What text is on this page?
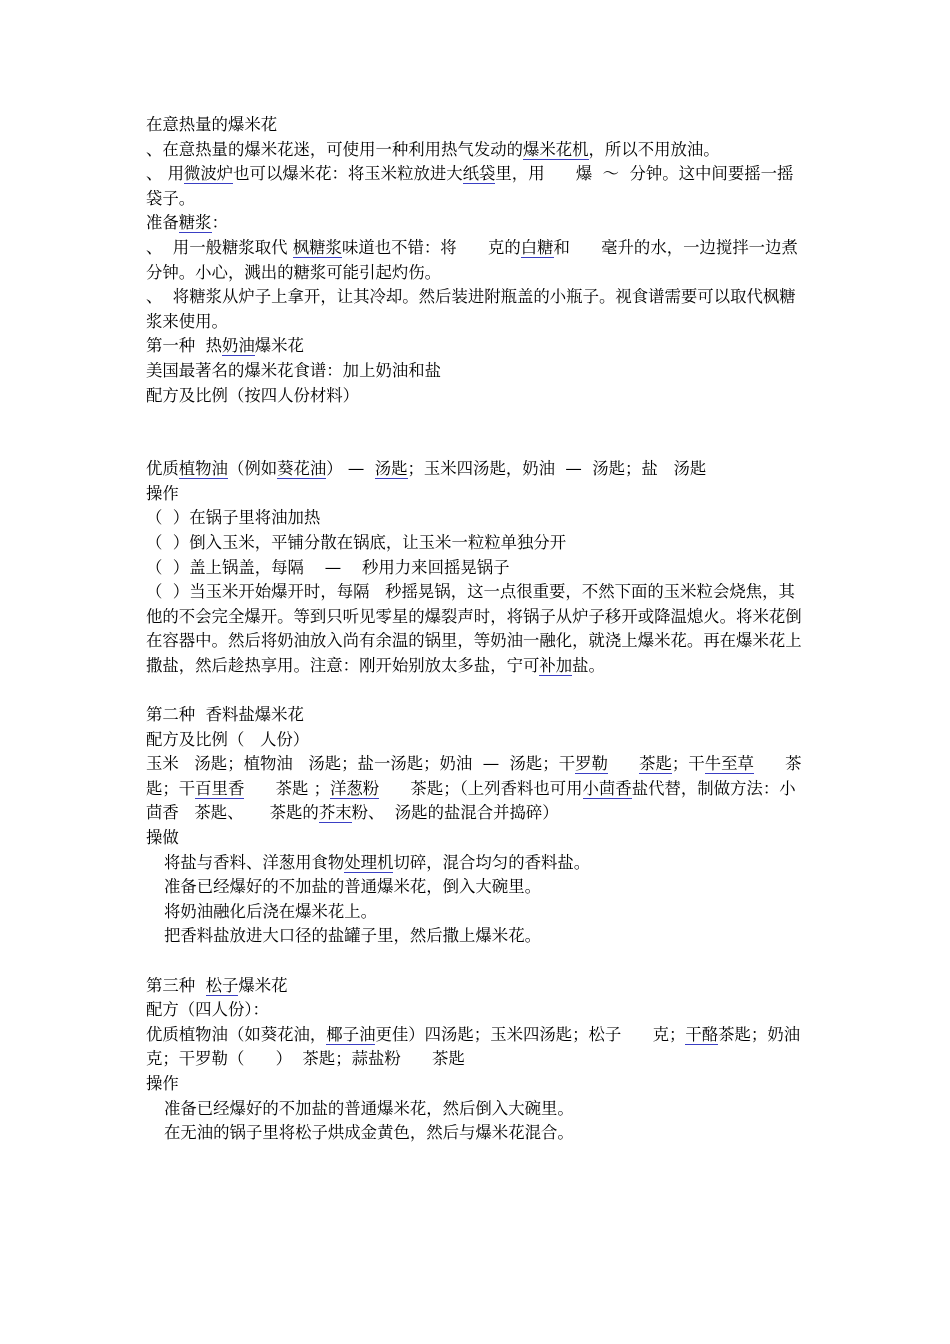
在意热量的爆米花

、在意热量的爆米花迷，可使用一种利用热气发动的爆米花机，所以不用放油。

、 用微波炉也可以爆米花：将玉米粒放进大纸袋里，用      爆  ～  分钟。这中间要摇一摇袋子。

准备糖浆：

、  用一般糖浆取代 枫糖浆味道也不错：将      克的白糖和      毫升的水，一边搅拌一边煮   分钟。小心，溅出的糖浆可能引起灼伤。

、  将糖浆从炉子上拿开，让其冷却。然后装进附瓶盖的小瓶子。视食谱需要可以取代枫糖浆来使用。

第一种  热奶油爆米花

美国最著名的爆米花食谱：加上奶油和盐

配方及比例（按四人份材料）

优质植物油（例如葵花油） —  汤匙；玉米四汤匙，奶油  —  汤匙；盐   汤匙

操作

（  ）在锅子里将油加热

（  ）倒入玉米，平铺分散在锅底，让玉米一粒粒单独分开

（  ）盖上锅盖，每隔    —    秒用力来回摇晃锅子

（  ）当玉米开始爆开时，每隔   秒摇晃锅，这一点很重要，不然下面的玉米粒会烧焦，其他的不会完全爆开。等到只听见零星的爆裂声时，将锅子从炉子移开或降温熄火。将米花倒在容器中。然后将奶油放入尚有余温的锅里，等奶油一融化，就浇上爆米花。再在爆米花上撒盐，然后趁热享用。注意：刚开始别放太多盐，宁可补加盐。

第二种  香料盐爆米花

配方及比例（   人份）

玉米   汤匙；植物油   汤匙；盐一汤匙；奶油  —  汤匙；干罗勒 茶匙；干牛至草      茶匙；干百里香      茶匙 ；洋葱粉      茶匙；（上列香料也可用小茴香盐代替，制做方法：小茴香   茶匙、     茶匙的芥末粉、  汤匙的盐混合并捣碎）

操做

将盐与香料、洋葱用食物处理机切碎，混合均匀的香料盐。

准备已经爆好的不加盐的普通爆米花，倒入大碗里。

将奶油融化后浇在爆米花上。

把香料盐放进大口径的盐罐子里，然后撒上爆米花。

第三种  松子爆米花

配方（四人份）：

优质植物油（如葵花油，椰子油更佳）四汤匙；玉米四汤匙；松子      克；干酪茶匙；奶油    克；干罗勒（      ）  茶匙；蒜盐粉      茶匙

操作

准备已经爆好的不加盐的普通爆米花，然后倒入大碗里。

在无油的锅子里将松子烘成金黄色，然后与爆米花混合。
